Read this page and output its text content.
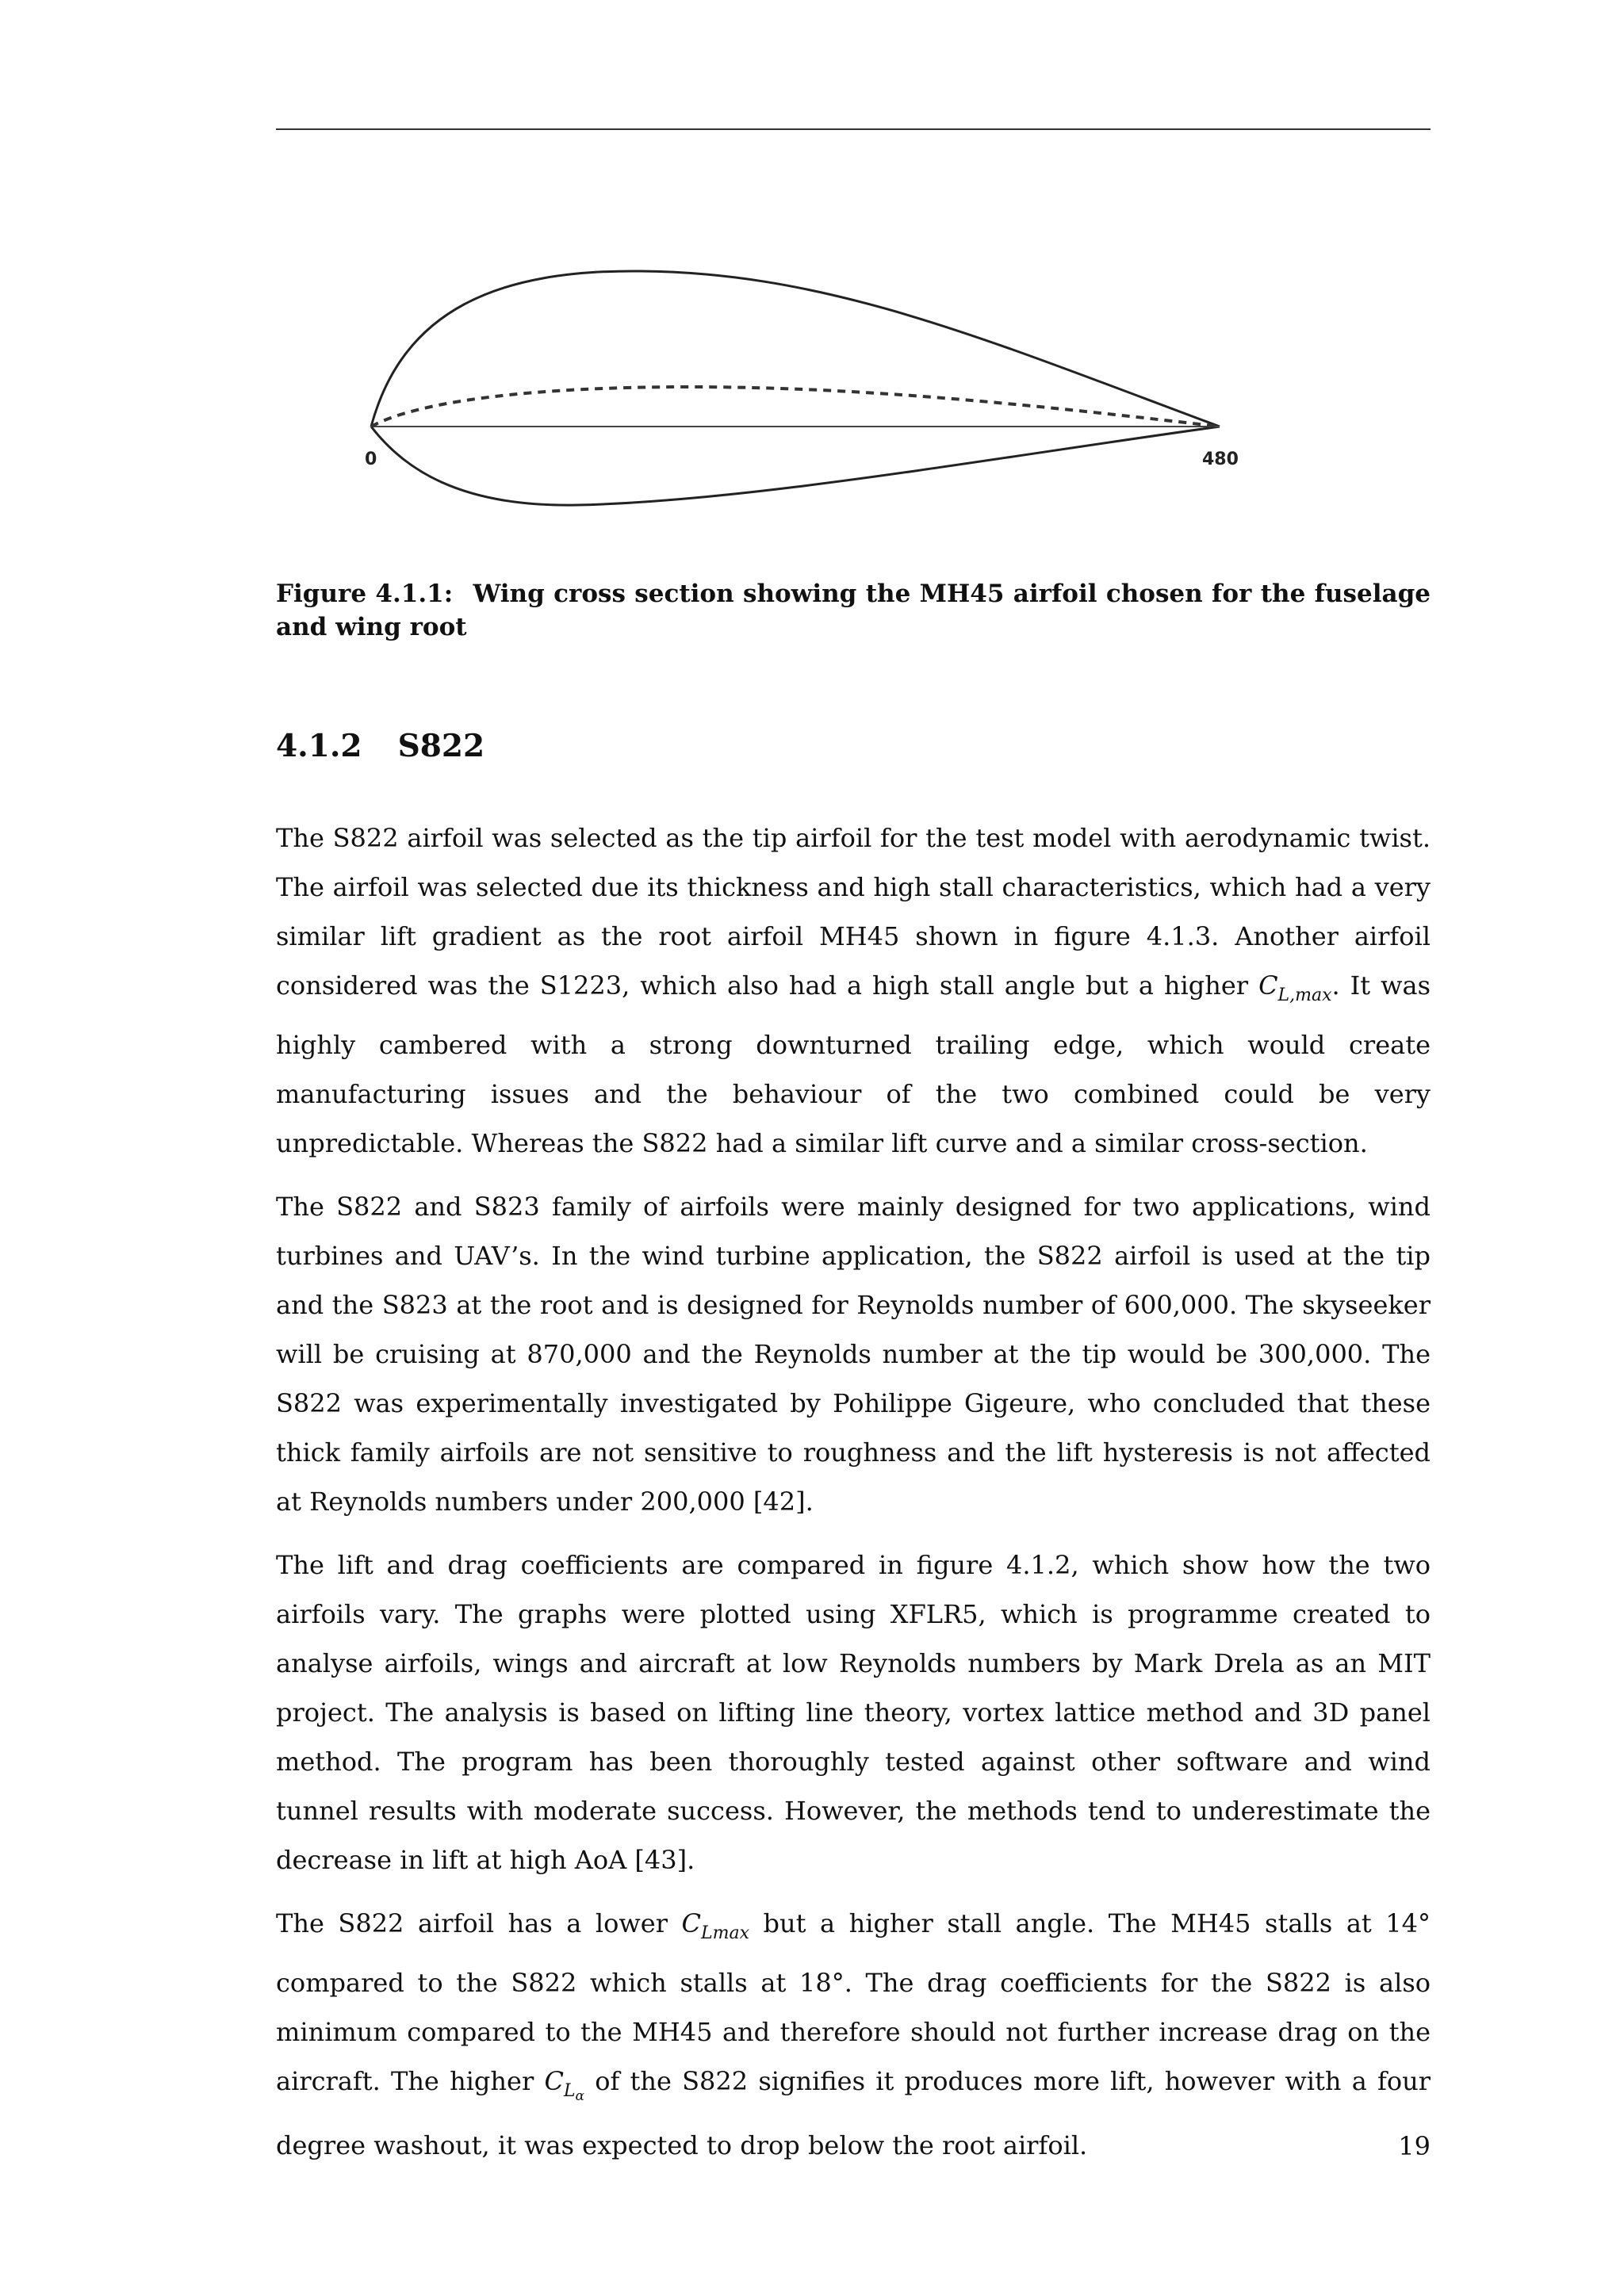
0	480
Figure 4.1.1: Wing cross section showing the MH45 airfoil chosen for the fuselage and wing root
4.1.2 S822

The S822 airfoil was selected as the tip airfoil for the test model with aerodynamic twist. The airfoil was selected due its thickness and high stall characteristics, which had a very similar lift gradient as the root airfoil MH45 shown in figure 4.1.3. Another airfoil considered was the S1223, which also had a high stall angle but a higher $C_{L,max}$. It was highly cambered with a strong downturned trailing edge, which would create manufacturing issues and the behaviour of the two combined could be very unpredictable. Whereas the S822 had a similar lift curve and a similar cross-section.

The S822 and S823 family of airfoils were mainly designed for two applications, wind turbines and UAV’s. In the wind turbine application, the S822 airfoil is used at the tip and the S823 at the root and is designed for Reynolds number of 600,000. The skyseeker will be cruising at 870,000 and the Reynolds number at the tip would be 300,000. The S822 was experimentally investigated by Pohilippe Gigeure, who concluded that these thick family airfoils are not sensitive to roughness and the lift hysteresis is not affected at Reynolds numbers under 200,000 [42].

The lift and drag coefficients are compared in figure 4.1.2, which show how the two airfoils vary. The graphs were plotted using XFLR5, which is programme created to analyse airfoils, wings and aircraft at low Reynolds numbers by Mark Drela as an MIT project. The analysis is based on lifting line theory, vortex lattice method and 3D panel method. The program has been thoroughly tested against other software and wind tunnel results with moderate success. However, the methods tend to underestimate the decrease in lift at high AoA [43].

The S822 airfoil has a lower $C_{Lmax}$ but a higher stall angle. The MH45 stalls at 14° compared to the S822 which stalls at 18°. The drag coefficients for the S822 is also minimum compared to the MH45 and therefore should not further increase drag on the aircraft. The higher $C_{L_\alpha}$ of the S822 signifies it produces more lift, however with a four degree washout, it was expected to drop below the root airfoil.	19
